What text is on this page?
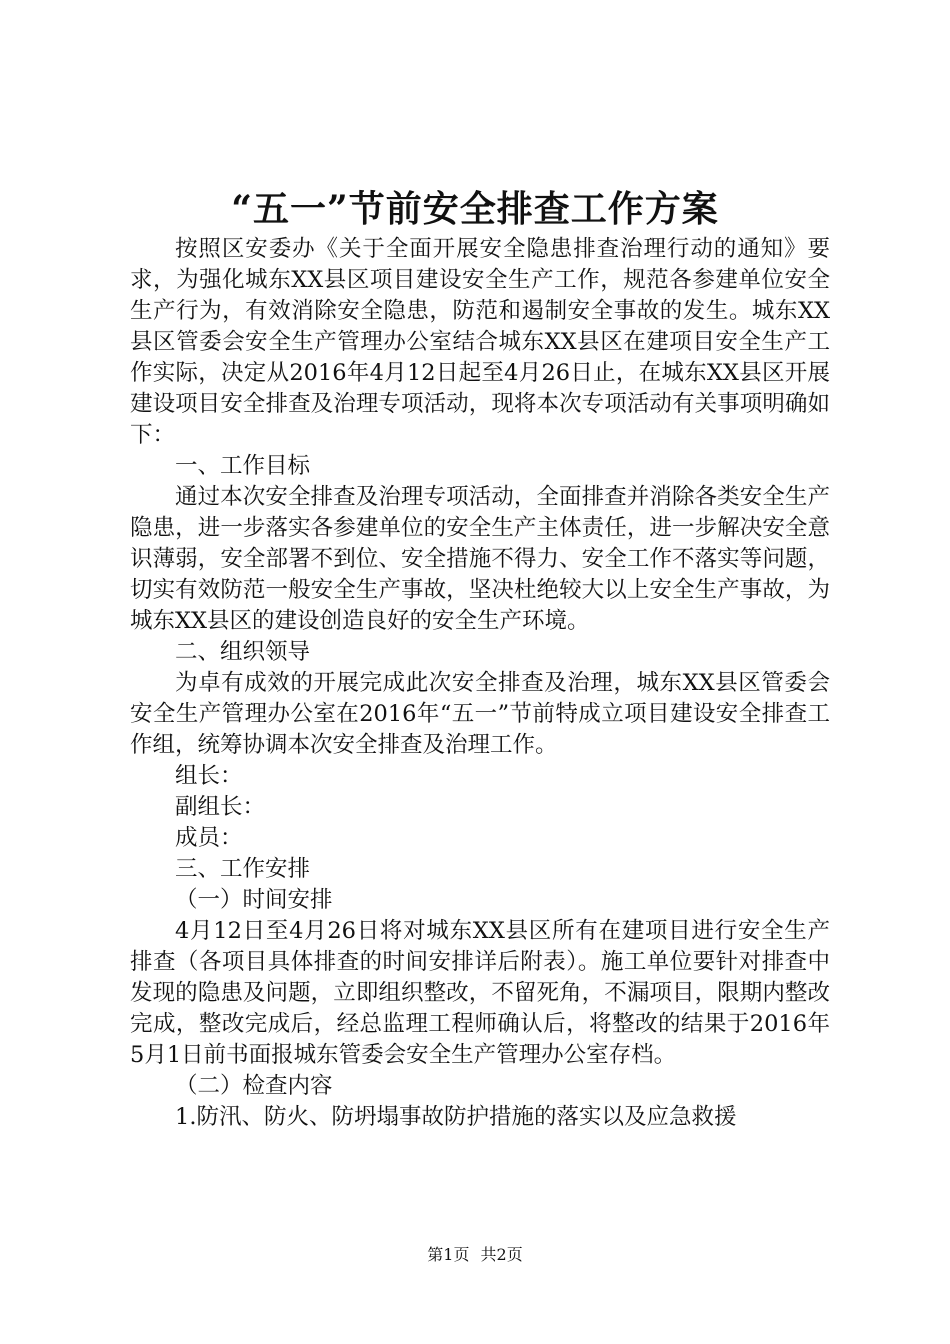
“五一”节前安全排查工作方案

按照区安委办《关于全面开展安全隐患排查治理行动的通知》要求，为强化城东XX县区项目建设安全生产工作，规范各参建单位安全生产行为，有效消除安全隐患，防范和遏制安全事故的发生。城东XX县区管委会安全生产管理办公室结合城东XX县区在建项目安全生产工作实际，决定从2016年4月12日起至4月26日止，在城东XX县区开展建设项目安全排查及治理专项活动，现将本次专项活动有关事项明确如下：

一、工作目标

通过本次安全排查及治理专项活动，全面排查并消除各类安全生产隐患，进一步落实各参建单位的安全生产主体责任，进一步解决安全意识薄弱，安全部署不到位、安全措施不得力、安全工作不落实等问题，切实有效防范一般安全生产事故，坚决杜绝较大以上安全生产事故，为城东XX县区的建设创造良好的安全生产环境。

二、组织领导

为卓有成效的开展完成此次安全排查及治理，城东XX县区管委会安全生产管理办公室在2016年“五一”节前特成立项目建设安全排查工作组，统筹协调本次安全排查及治理工作。

组长：

副组长：

成员：

三、工作安排

（一）时间安排

4月12日至4月26日将对城东XX县区所有在建项目进行安全生产排查（各项目具体排查的时间安排详后附表）。施工单位要针对排查中发现的隐患及问题，立即组织整改，不留死角，不漏项目，限期内整改完成，整改完成后，经总监理工程师确认后，将整改的结果于2016年5月1日前书面报城东管委会安全生产管理办公室存档。

（二）检查内容

1.防汛、防火、防坍塌事故防护措施的落实以及应急救援

第1页 共2页
